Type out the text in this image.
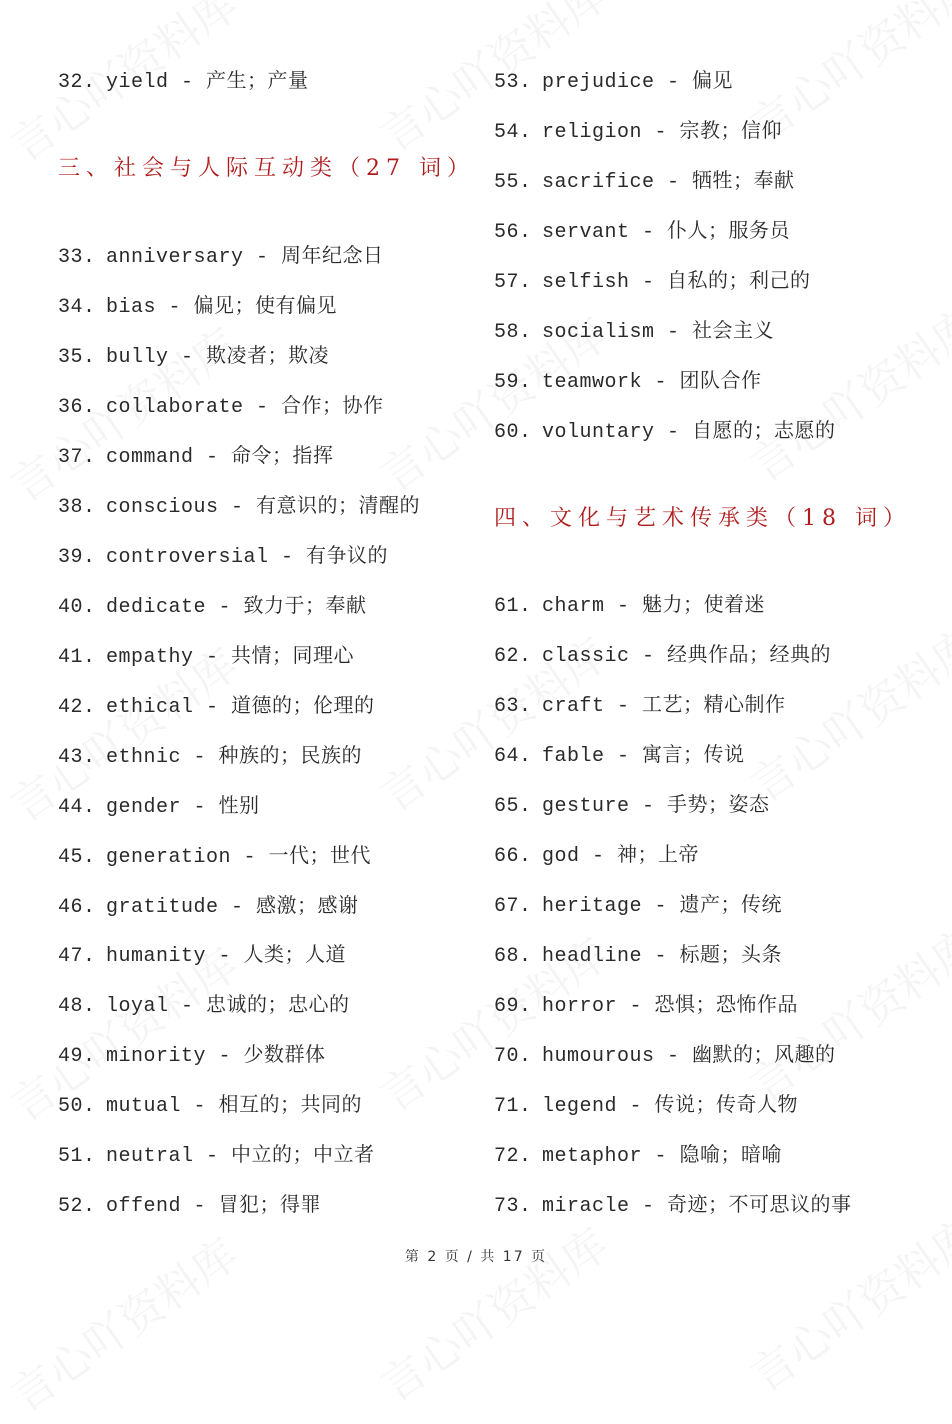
32. yield - 产生；产量
三、社会与人际互动类（27 词）
33. anniversary - 周年纪念日
34. bias - 偏见；使有偏见
35. bully - 欺凌者；欺凌
36. collaborate - 合作；协作
37. command - 命令；指挥
38. conscious - 有意识的；清醒的
39. controversial - 有争议的
40. dedicate - 致力于；奉献
41. empathy - 共情；同理心
42. ethical - 道德的；伦理的
43. ethnic - 种族的；民族的
44. gender - 性别
45. generation - 一代；世代
46. gratitude - 感激；感谢
47. humanity - 人类；人道
48. loyal - 忠诚的；忠心的
49. minority - 少数群体
50. mutual - 相互的；共同的
51. neutral - 中立的；中立者
52. offend - 冒犯；得罪
53. prejudice - 偏见
54. religion - 宗教；信仰
55. sacrifice - 牺牲；奉献
56. servant - 仆人；服务员
57. selfish - 自私的；利己的
58. socialism - 社会主义
59. teamwork - 团队合作
60. voluntary - 自愿的；志愿的
四、文化与艺术传承类（18 词）
61. charm - 魅力；使着迷
62. classic - 经典作品；经典的
63. craft - 工艺；精心制作
64. fable - 寓言；传说
65. gesture - 手势；姿态
66. god - 神；上帝
67. heritage - 遗产；传统
68. headline - 标题；头条
69. horror - 恐惧；恐怖作品
70. humourous - 幽默的；风趣的
71. legend - 传说；传奇人物
72. metaphor - 隐喻；暗喻
73. miracle - 奇迹；不可思议的事
第 2 页 / 共 17 页
